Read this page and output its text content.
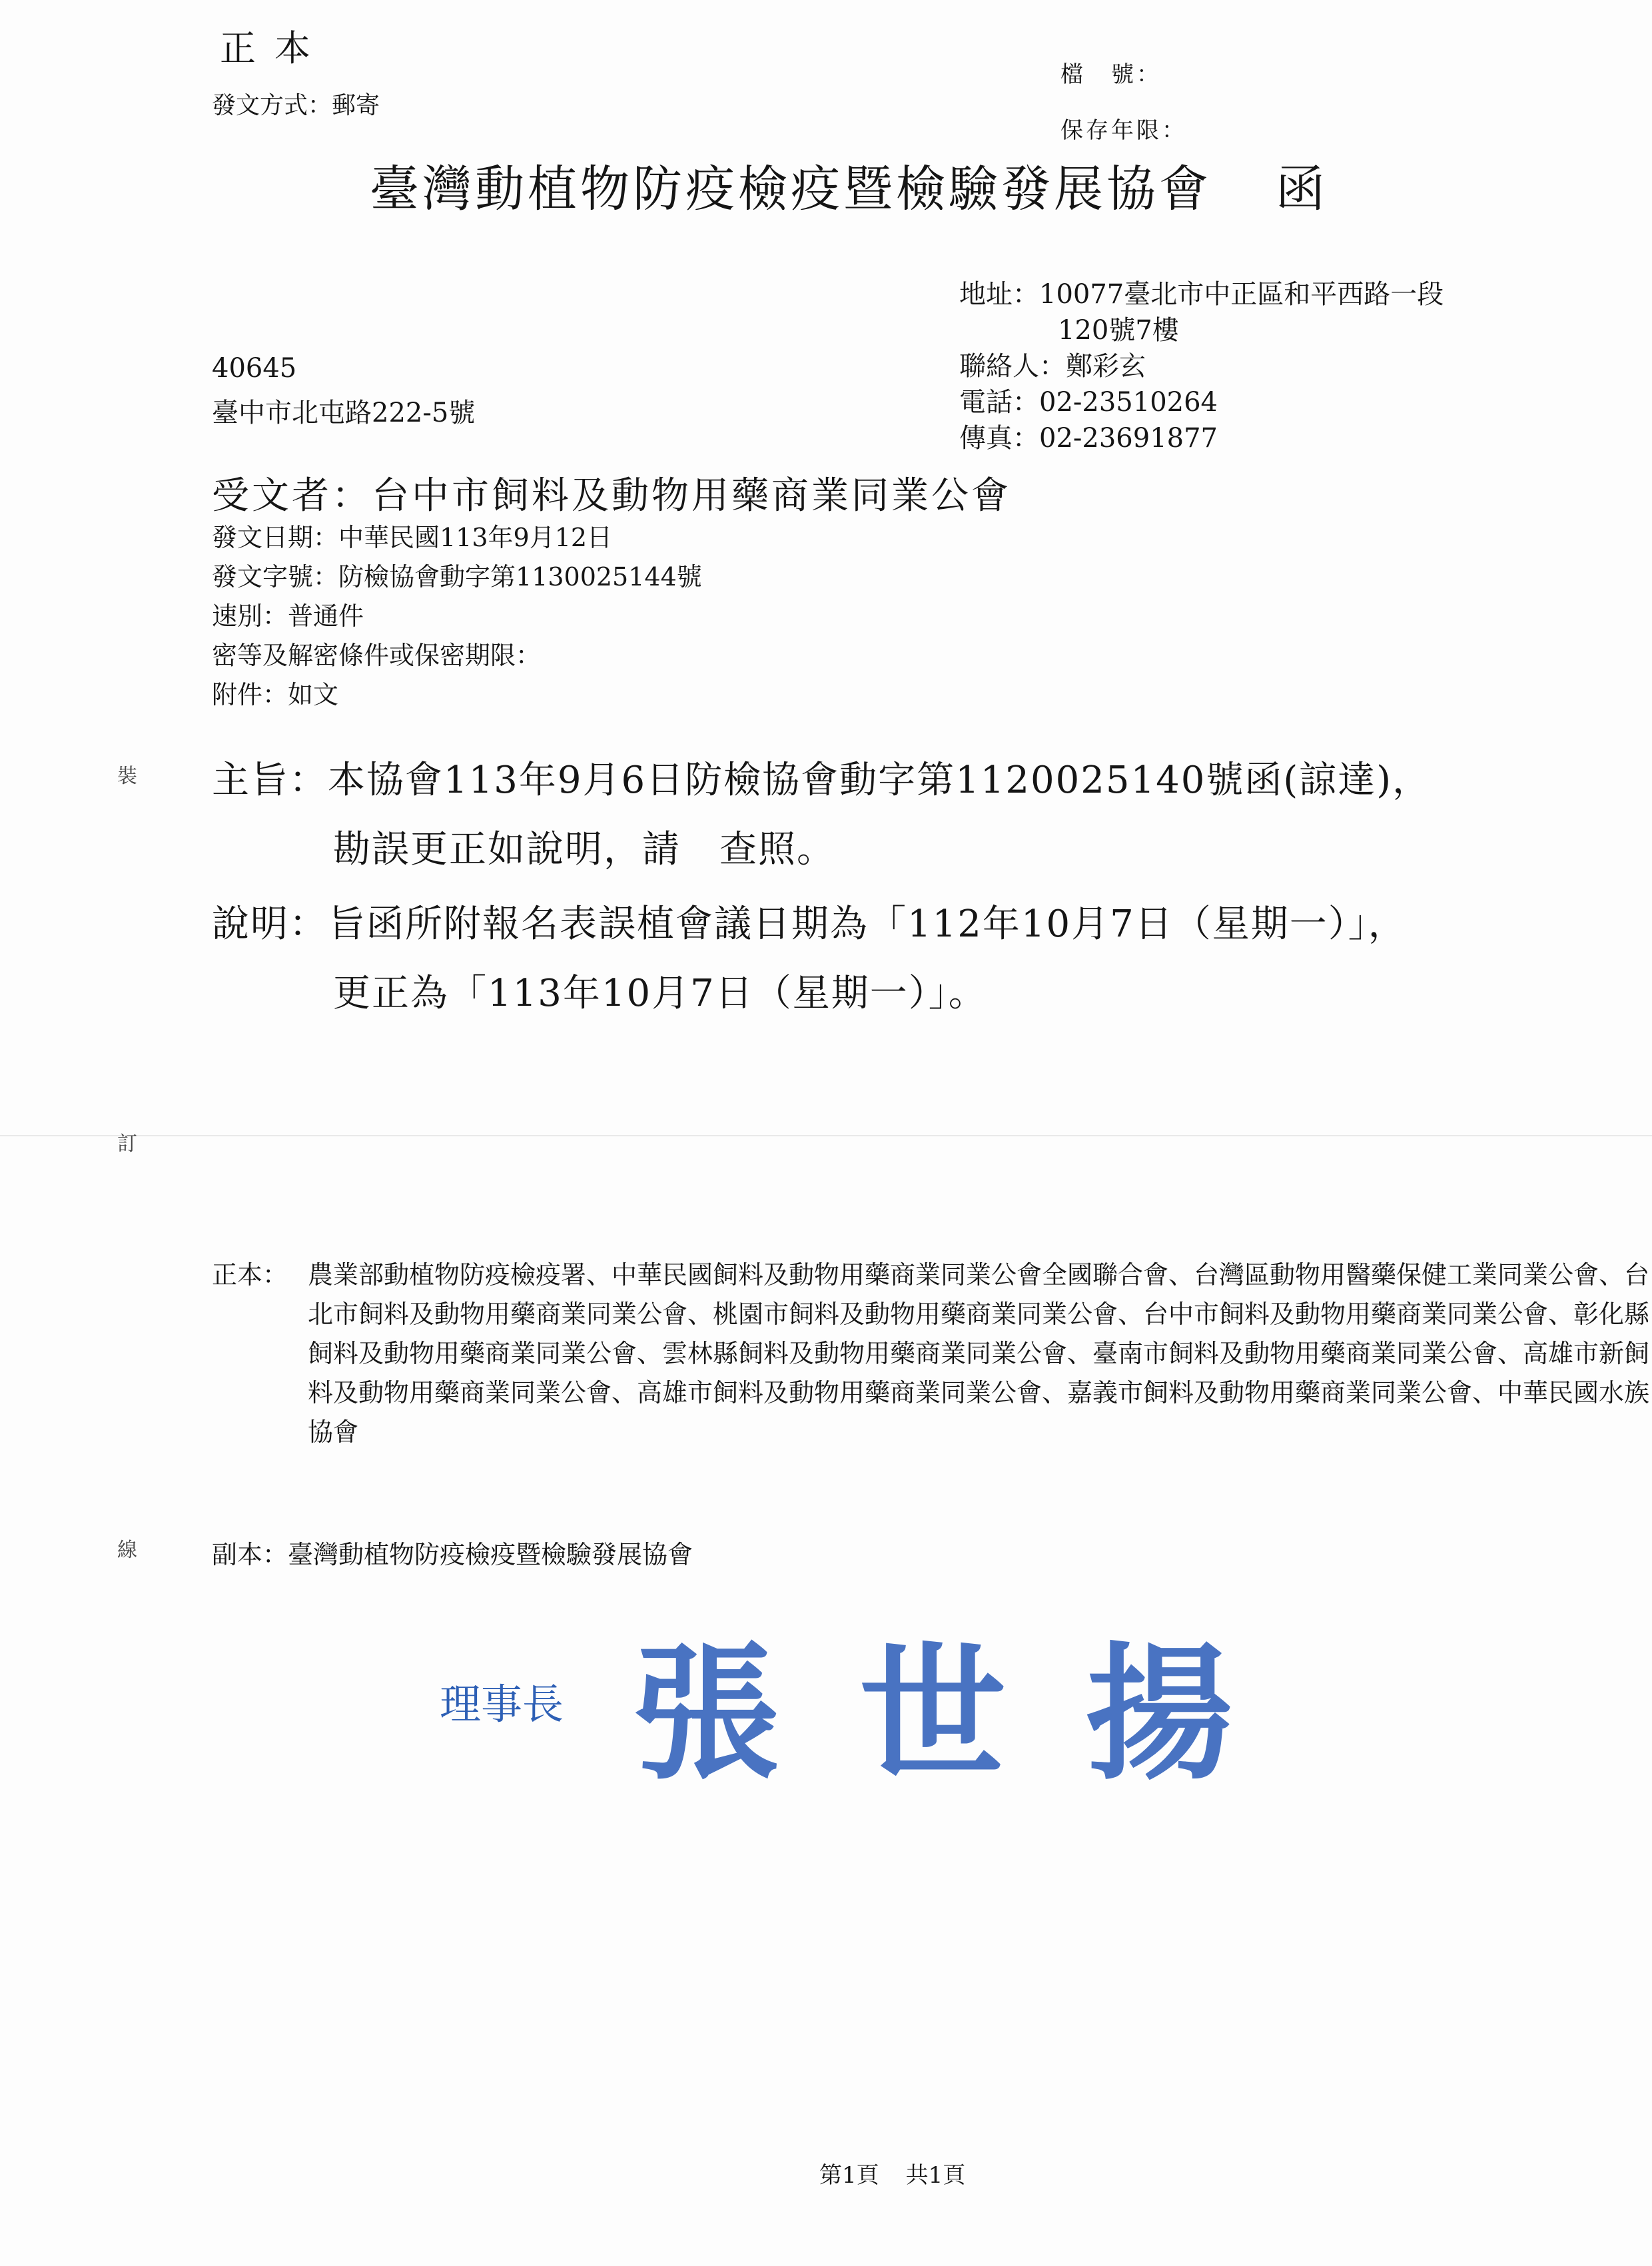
正本
發文方式：郵寄
檔　號：
保存年限：
臺灣動植物防疫檢疫暨檢驗發展協會 函
地址：10077臺北市中正區和平西路一段
120號7樓
聯絡人：鄭彩玄
電話：02-23510264
傳真：02-23691877
40645
臺中市北屯路222-5號
受文者：台中市飼料及動物用藥商業同業公會
發文日期：中華民國113年9月12日
發文字號：防檢協會動字第1130025144號
速別：普通件
密等及解密條件或保密期限：
附件：如文
裝
訂
線
主旨：本協會113年9月6日防檢協會動字第1120025140號函(諒達)，
勘誤更正如說明，請　查照。
說明：旨函所附報名表誤植會議日期為「112年10月7日（星期一）」，
更正為「113年10月7日（星期一）」。
正本： 農業部動植物防疫檢疫署、中華民國飼料及動物用藥商業同業公會全國聯合會、台灣區動物用醫藥保健工業同業公會、台北市飼料及動物用藥商業同業公會、桃園市飼料及動物用藥商業同業公會、台中市飼料及動物用藥商業同業公會、彰化縣飼料及動物用藥商業同業公會、雲林縣飼料及動物用藥商業同業公會、臺南市飼料及動物用藥商業同業公會、高雄市新飼料及動物用藥商業同業公會、高雄市飼料及動物用藥商業同業公會、嘉義市飼料及動物用藥商業同業公會、中華民國水族協會
副本：臺灣動植物防疫檢疫暨檢驗發展協會
理事長 張世揚
第1頁 共1頁
